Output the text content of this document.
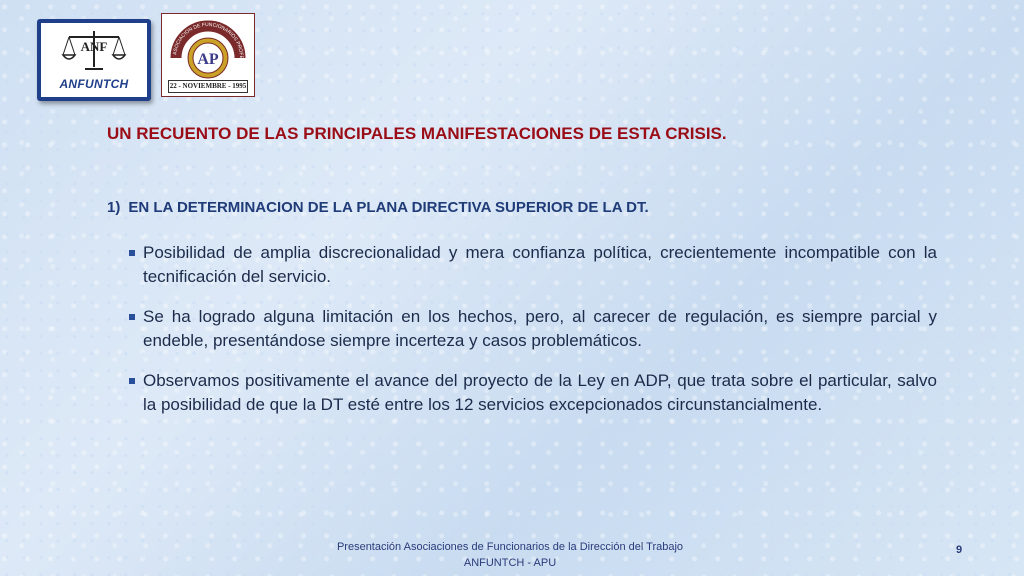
ANF
ANFUNTCH
ASOCIACION DE FUNCIONARIOS PROFE
AP
22 - NOVIEMBRE - 1995
UN RECUENTO DE LAS PRINCIPALES MANIFESTACIONES DE ESTA CRISIS.
1) EN LA DETERMINACION DE LA PLANA DIRECTIVA SUPERIOR DE LA DT.
Posibilidad de amplia discrecionalidad y mera confianza política, crecientemente incompatible con la tecnificación del servicio.
Se ha logrado alguna limitación en los hechos, pero, al carecer de regulación, es siempre parcial y endeble, presentándose siempre incerteza y casos problemáticos.
Observamos positivamente el avance del proyecto de la Ley en ADP, que trata sobre el particular, salvo la posibilidad de que la DT esté entre los 12 servicios excepcionados circunstancialmente.
Presentación Asociaciones de Funcionarios de la Dirección del Trabajo
ANFUNTCH - APU
9
